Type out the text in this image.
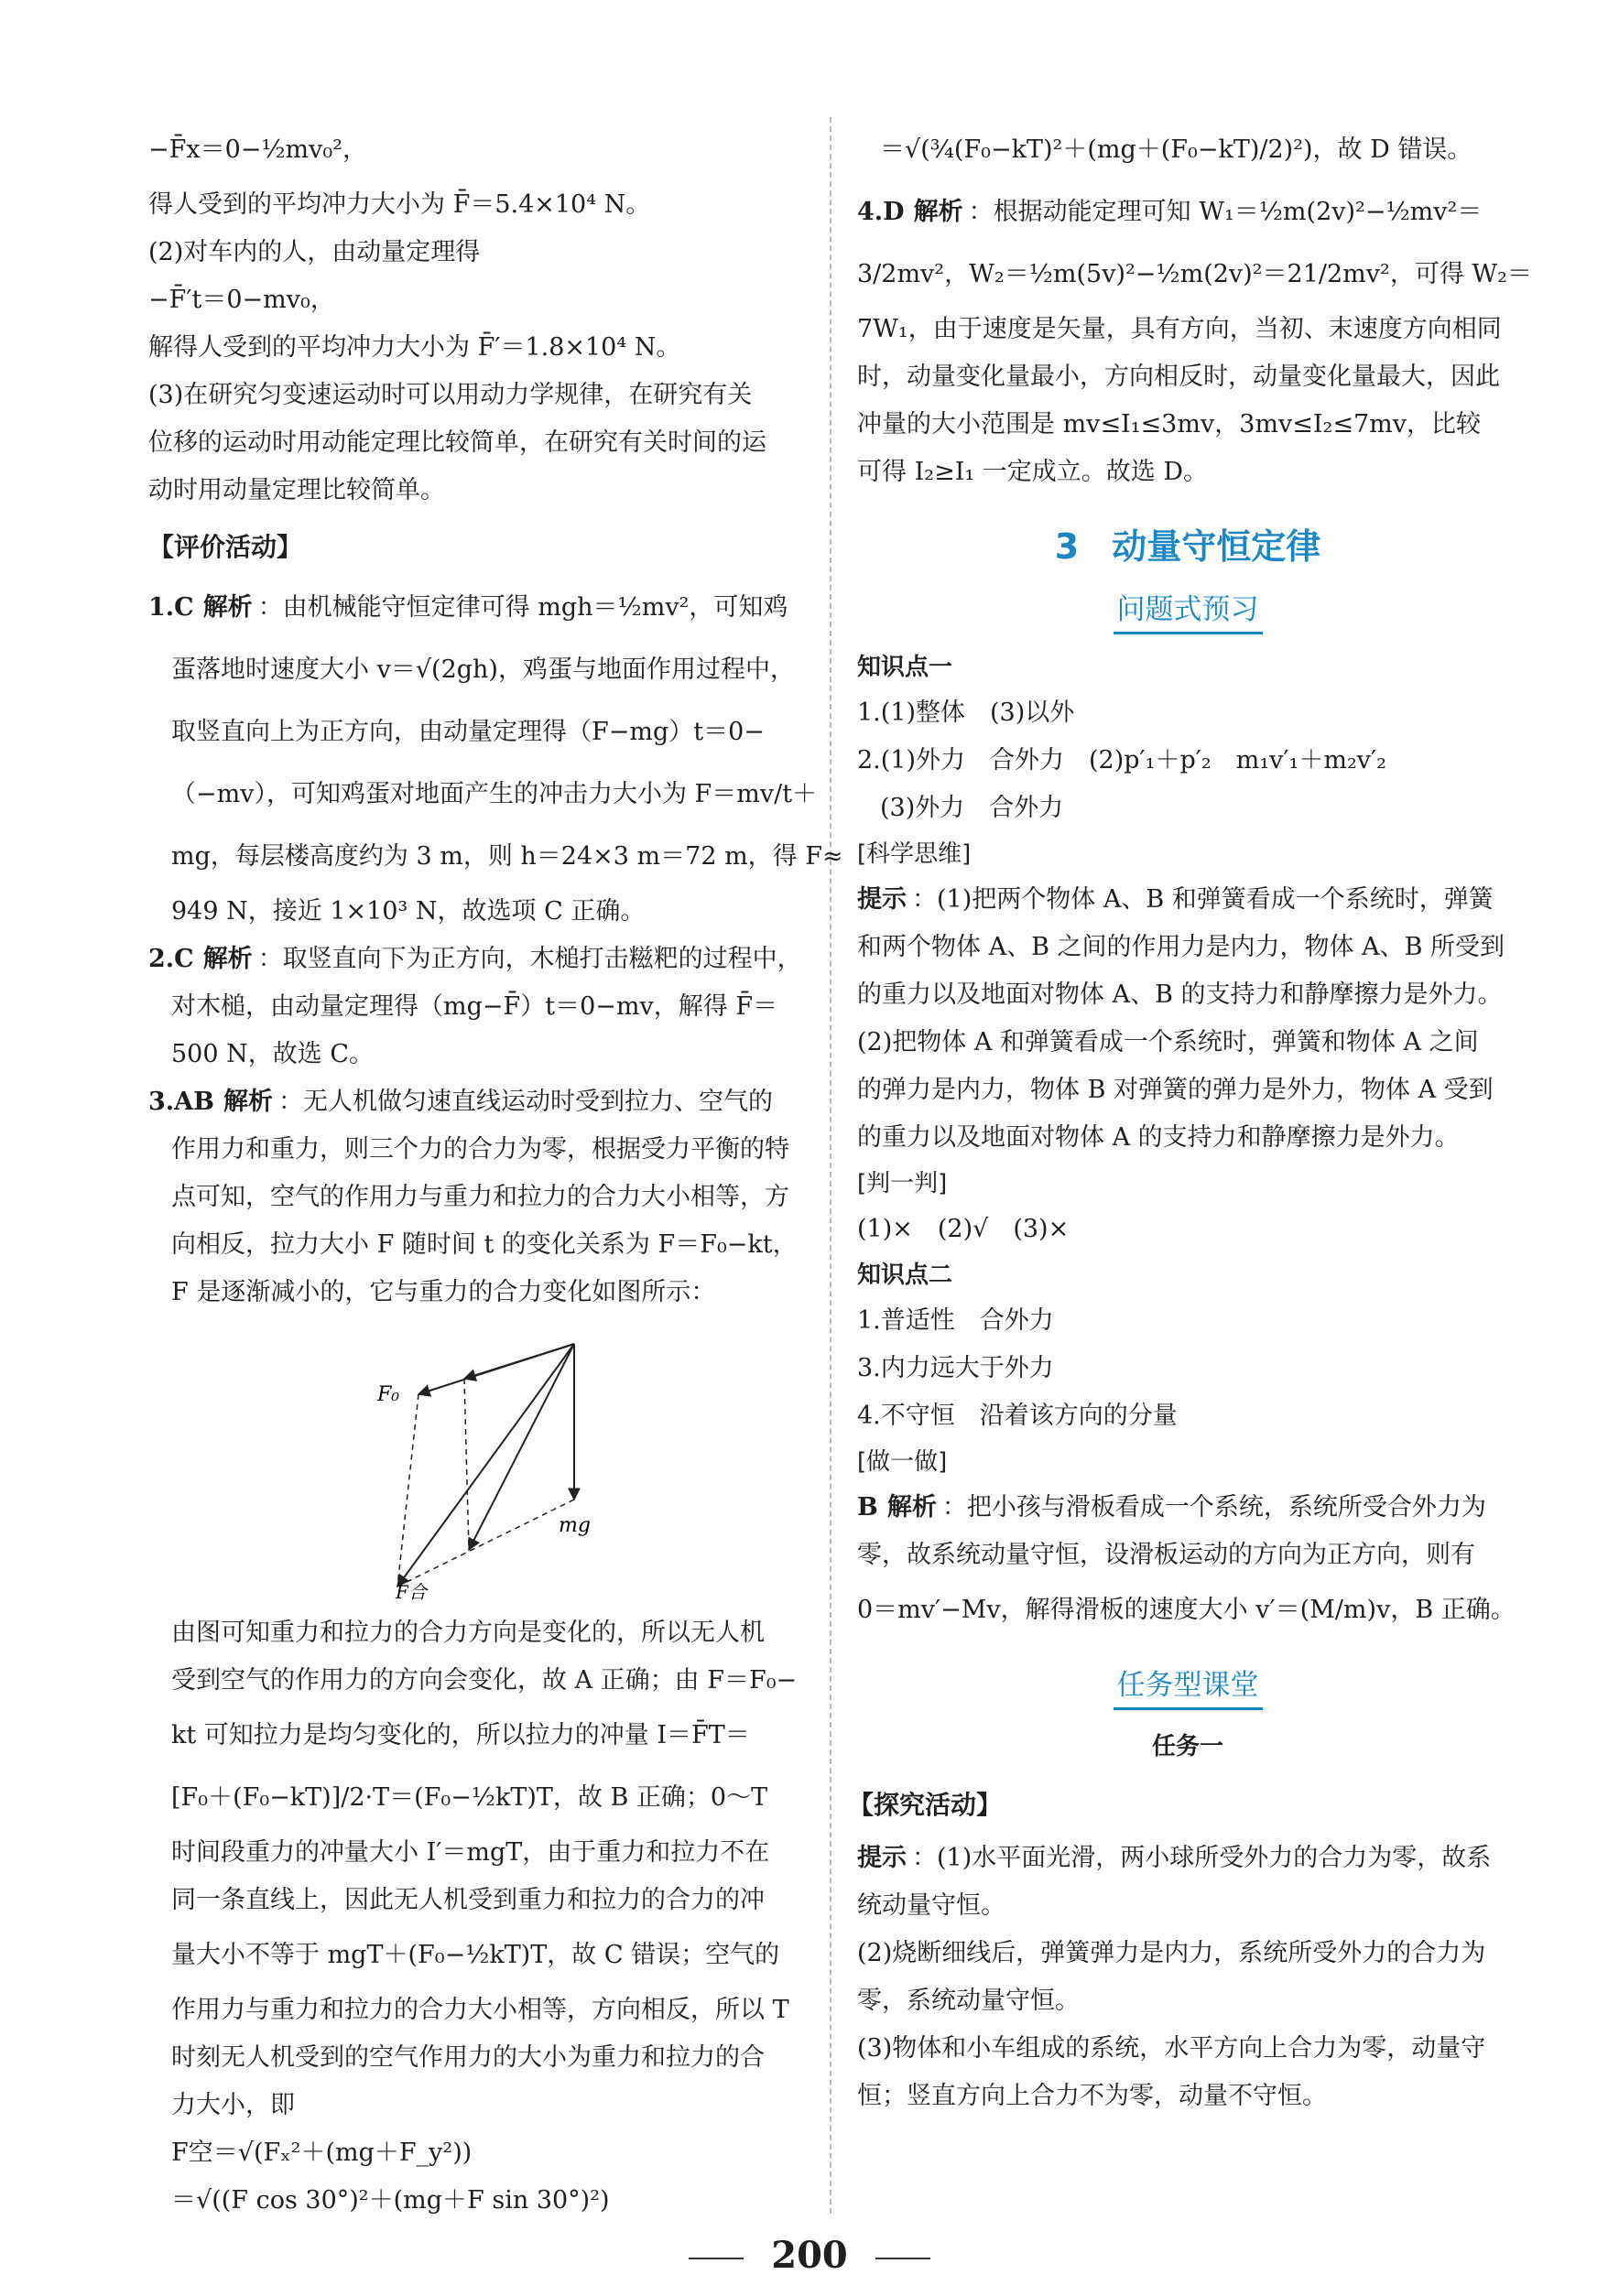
−F̄x＝0−½mv₀²，

得人受到的平均冲力大小为 F̄＝5.4×10⁴ N。

(2)对车内的人，由动量定理得

−F̄′t＝0−mv₀，

解得人受到的平均冲力大小为 F̄′＝1.8×10⁴ N。

(3)在研究匀变速运动时可以用动力学规律，在研究有关

位移的运动时用动能定理比较简单，在研究有关时间的运

动时用动量定理比较简单。

【评价活动】

1.C 解析 ：由机械能守恒定律可得 mgh＝½mv²，可知鸡

蛋落地时速度大小 v＝√(2gh)，鸡蛋与地面作用过程中，

取竖直向上为正方向，由动量定理得（F−mg）t＝0−

（−mv），可知鸡蛋对地面产生的冲击力大小为 F＝mv/t＋

mg，每层楼高度约为 3 m，则 h＝24×3 m＝72 m，得 F≈

949 N，接近 1×10³ N，故选项 C 正确。

2.C 解析 ：取竖直向下为正方向，木槌打击糍粑的过程中，

对木槌，由动量定理得（mg−F̄）t＝0−mv，解得 F̄＝

500 N，故选 C。

3.AB 解析 ：无人机做匀速直线运动时受到拉力、空气的

作用力和重力，则三个力的合力为零，根据受力平衡的特

点可知，空气的作用力与重力和拉力的合力大小相等，方

向相反，拉力大小 F 随时间 t 的变化关系为 F＝F₀−kt，

F 是逐渐减小的，它与重力的合力变化如图所示：

F₀
mg
F合

由图可知重力和拉力的合力方向是变化的，所以无人机

受到空气的作用力的方向会变化，故 A 正确；由 F＝F₀−

kt 可知拉力是均匀变化的，所以拉力的冲量 I＝F̄T＝

[F₀＋(F₀−kT)]/2·T＝(F₀−½kT)T，故 B 正确；0～T

时间段重力的冲量大小 I′＝mgT，由于重力和拉力不在

同一条直线上，因此无人机受到重力和拉力的合力的冲

量大小不等于 mgT＋(F₀−½kT)T，故 C 错误；空气的

作用力与重力和拉力的合力大小相等，方向相反，所以 T

时刻无人机受到的空气作用力的大小为重力和拉力的合

力大小，即

F空＝√(Fₓ²＋(mg＋F_y²))

＝√((F cos 30°)²＋(mg＋F sin 30°)²)

＝√(¾(F₀−kT)²＋(mg＋(F₀−kT)/2)²)，故 D 错误。

4.D 解析 ：根据动能定理可知 W₁＝½m(2v)²−½mv²＝

3/2mv²，W₂＝½m(5v)²−½m(2v)²＝21/2mv²，可得 W₂＝

7W₁，由于速度是矢量，具有方向，当初、末速度方向相同

时，动量变化量最小，方向相反时，动量变化量最大，因此

冲量的大小范围是 mv≤I₁≤3mv，3mv≤I₂≤7mv，比较

可得 I₂≥I₁ 一定成立。故选 D。

3 动量守恒定律
问题式预习
知识点一

1.(1)整体　(3)以外

2.(1)外力　合外力　(2)p′₁＋p′₂　m₁v′₁＋m₂v′₂

(3)外力　合外力

[科学思维]

提示 ：(1)把两个物体 A、B 和弹簧看成一个系统时，弹簧

和两个物体 A、B 之间的作用力是内力，物体 A、B 所受到

的重力以及地面对物体 A、B 的支持力和静摩擦力是外力。

(2)把物体 A 和弹簧看成一个系统时，弹簧和物体 A 之间

的弹力是内力，物体 B 对弹簧的弹力是外力，物体 A 受到

的重力以及地面对物体 A 的支持力和静摩擦力是外力。

[判一判]

(1)×　(2)√　(3)×

知识点二

1.普适性　合外力

3.内力远大于外力

4.不守恒　沿着该方向的分量

[做一做]

B 解析 ：把小孩与滑板看成一个系统，系统所受合外力为

零，故系统动量守恒，设滑板运动的方向为正方向，则有

0＝mv′−Mv，解得滑板的速度大小 v′＝(M/m)v，B 正确。

任务型课堂
任务一
【探究活动】

提示 ：(1)水平面光滑，两小球所受外力的合力为零，故系

统动量守恒。

(2)烧断细线后，弹簧弹力是内力，系统所受外力的合力为

零，系统动量守恒。

(3)物体和小车组成的系统，水平方向上合力为零，动量守

恒；竖直方向上合力不为零，动量不守恒。

200
